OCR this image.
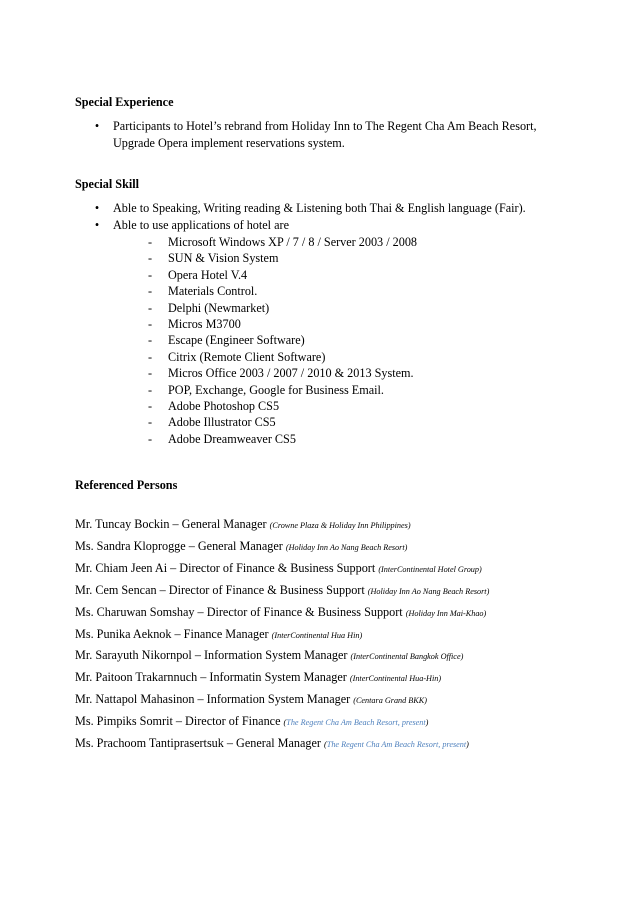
Special Experience
• Participants to Hotel’s rebrand from Holiday Inn to The Regent Cha Am Beach Resort,
Upgrade Opera implement reservations system.
Special Skill
• Able to Speaking, Writing reading & Listening both Thai & English language (Fair).
• Able to use applications of hotel are
- Microsoft Windows XP / 7 / 8 / Server 2003 / 2008
- SUN & Vision System
- Opera Hotel V.4
- Materials Control.
- Delphi (Newmarket)
- Micros M3700
- Escape (Engineer Software)
- Citrix (Remote Client Software)
- Micros Office 2003 / 2007 / 2010 & 2013 System.
- POP, Exchange, Google for Business Email.
- Adobe Photoshop CS5
- Adobe Illustrator CS5
- Adobe Dreamweaver CS5
Referenced Persons
Mr. Tuncay Bockin – General Manager (Crowne Plaza & Holiday Inn Philippines)
Ms. Sandra Kloprogge – General Manager (Holiday Inn Ao Nang Beach Resort)
Mr. Chiam Jeen Ai – Director of Finance & Business Support (InterContinental Hotel Group)
Mr. Cem Sencan – Director of Finance & Business Support (Holiday Inn Ao Nang Beach Resort)
Ms. Charuwan Somshay – Director of Finance & Business Support (Holiday Inn Mai-Khao)
Ms. Punika Aeknok – Finance Manager (InterContinental Hua Hin)
Mr. Sarayuth Nikornpol – Information System Manager (InterContinental Bangkok Office)
Mr. Paitoon Trakarnnuch – Informatin System Manager (InterContinental Hua-Hin)
Mr. Nattapol Mahasinon – Information System Manager (Centara Grand BKK)
Ms. Pimpiks Somrit – Director of Finance (The Regent Cha Am Beach Resort, present)
Ms. Prachoom Tantiprasertsuk – General Manager (The Regent Cha Am Beach Resort, present)
